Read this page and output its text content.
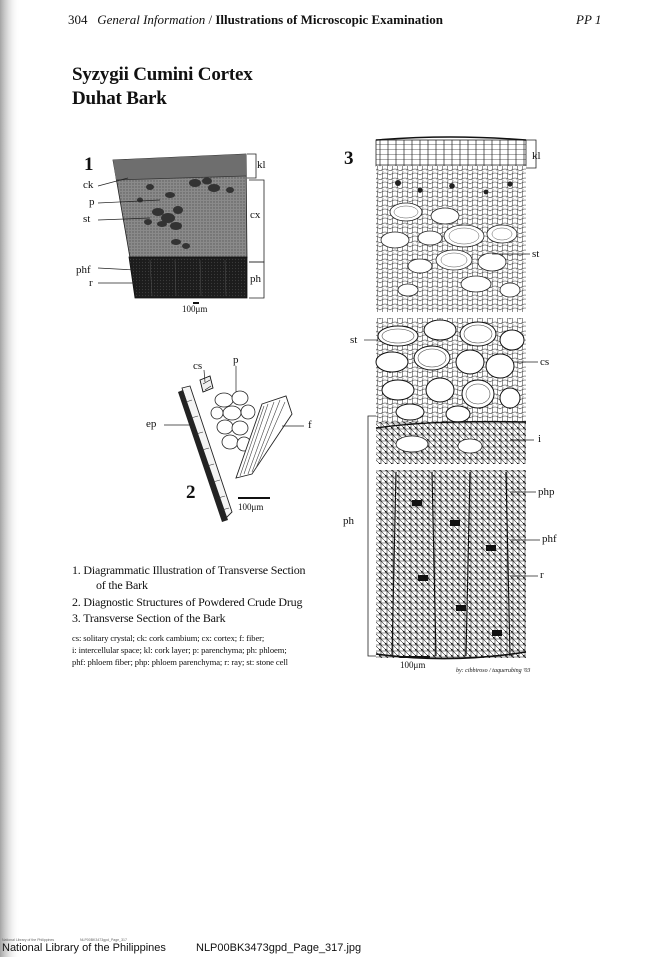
304 General Information / Illustrations of Microscopic Examination	PP 1
Syzygii Cumini Cortex
Duhat Bark
1	kl
ck
p
st	cx
phf
r	ph
100μm
cs	p
ep	f
2
100μm
3	kl
st
st
cs
i
php
phf
r
ph
100μm
by: cibbiroso / taquerubing '03
1. Diagrammatic Illustration of Transverse Section
of the Bark
2. Diagnostic Structures of Powdered Crude Drug
3. Transverse Section of the Bark
cs: solitary crystal; ck: cork cambium; cx: cortex; f: fiber;
i: intercellular space; kl: cork layer; p: parenchyma; ph: phloem;
phf: phloem fiber; php: phloem parenchyma; r: ray; st: stone cell
National Library of the Philippines	NLP00BK3473gpd_Page_317
National Library of the Philippines	NLP00BK3473gpd_Page_317.jpg
